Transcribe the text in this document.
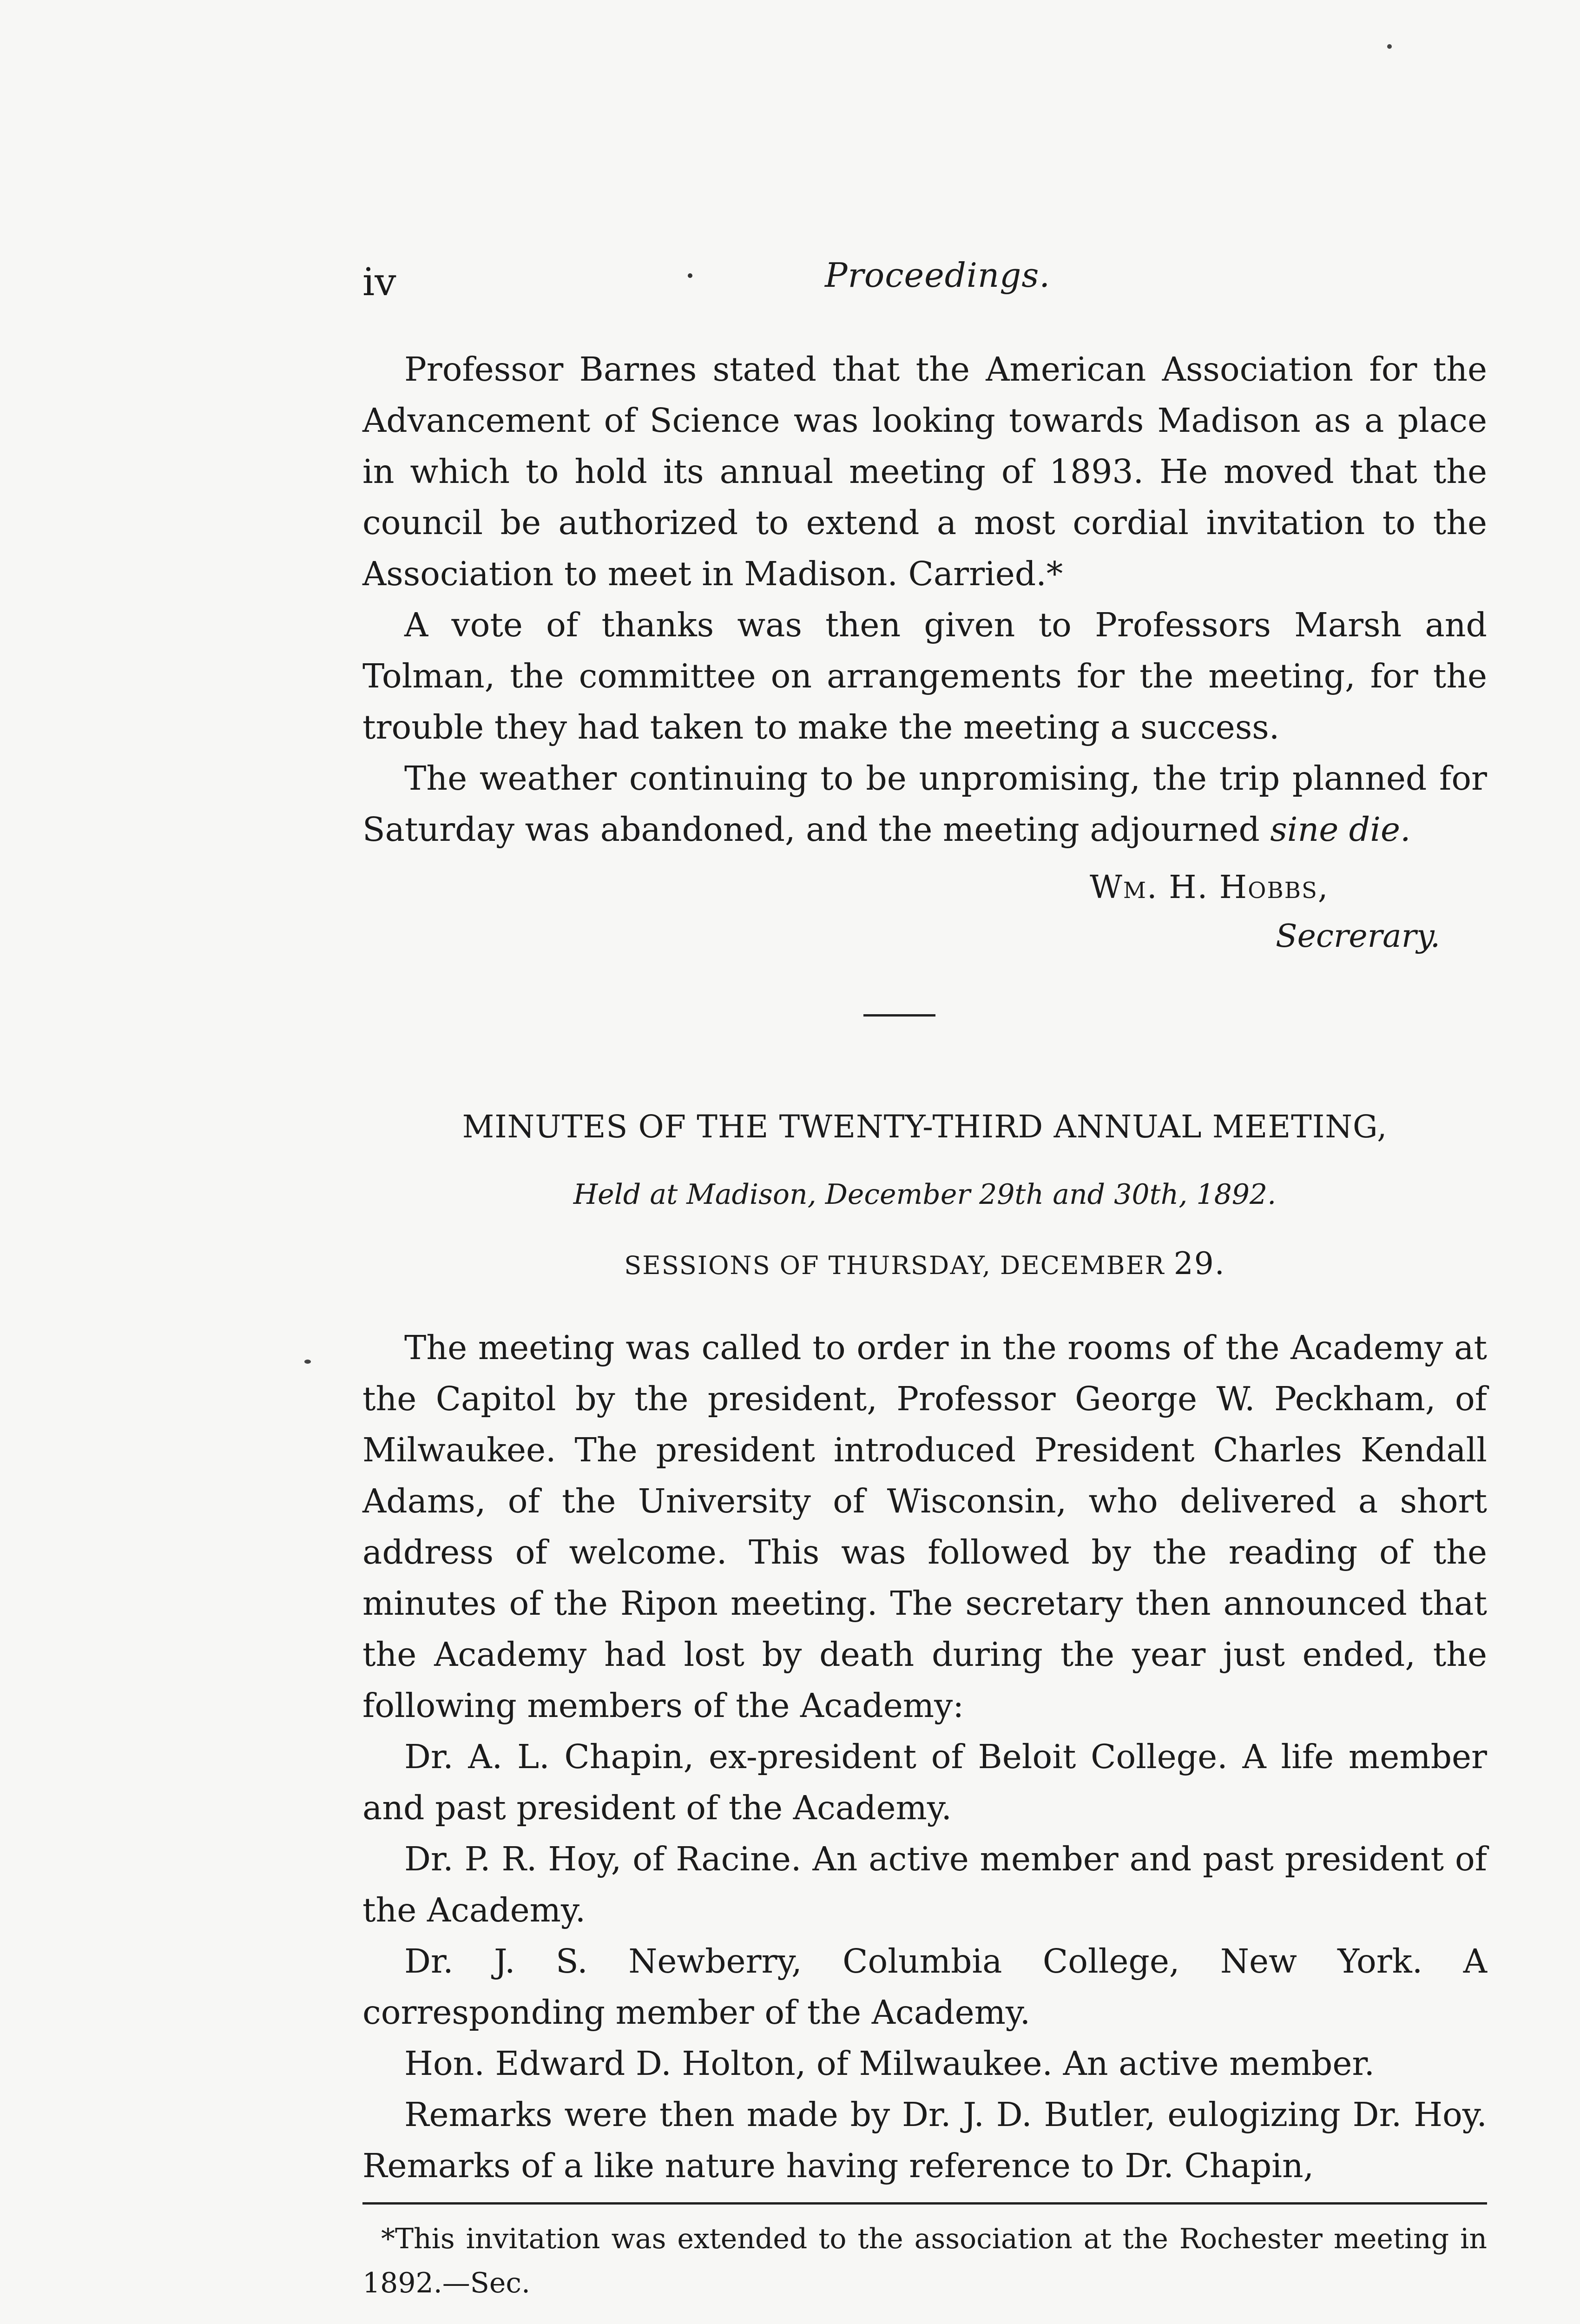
iv	Proceedings.

Professor Barnes stated that the American Association for the Advancement of Science was looking towards Madison as a place in which to hold its annual meeting of 1893. He moved that the council be authorized to extend a most cordial invitation to the Association to meet in Madison. Carried.*

A vote of thanks was then given to Professors Marsh and Tolman, the committee on arrangements for the meeting, for the trouble they had taken to make the meeting a success.

The weather continuing to be unpromising, the trip planned for Saturday was abandoned, and the meeting adjourned sine die.

Wm. H. Hobbs,
Secrerary.
MINUTES OF THE TWENTY-THIRD ANNUAL MEETING,
Held at Madison, December 29th and 30th, 1892.
SESSIONS OF THURSDAY, DECEMBER 29.

The meeting was called to order in the rooms of the Academy at the Capitol by the president, Professor George W. Peckham, of Milwaukee. The president introduced President Charles Kendall Adams, of the University of Wisconsin, who delivered a short address of welcome. This was followed by the reading of the minutes of the Ripon meeting. The secretary then announced that the Academy had lost by death during the year just ended, the following members of the Academy:

Dr. A. L. Chapin, ex-president of Beloit College. A life member and past president of the Academy.

Dr. P. R. Hoy, of Racine. An active member and past president of the Academy.

Dr. J. S. Newberry, Columbia College, New York. A corresponding member of the Academy.

Hon. Edward D. Holton, of Milwaukee. An active member.

Remarks were then made by Dr. J. D. Butler, eulogizing Dr. Hoy. Remarks of a like nature having reference to Dr. Chapin,

*This invitation was extended to the association at the Rochester meeting in 1892.—Sec.
